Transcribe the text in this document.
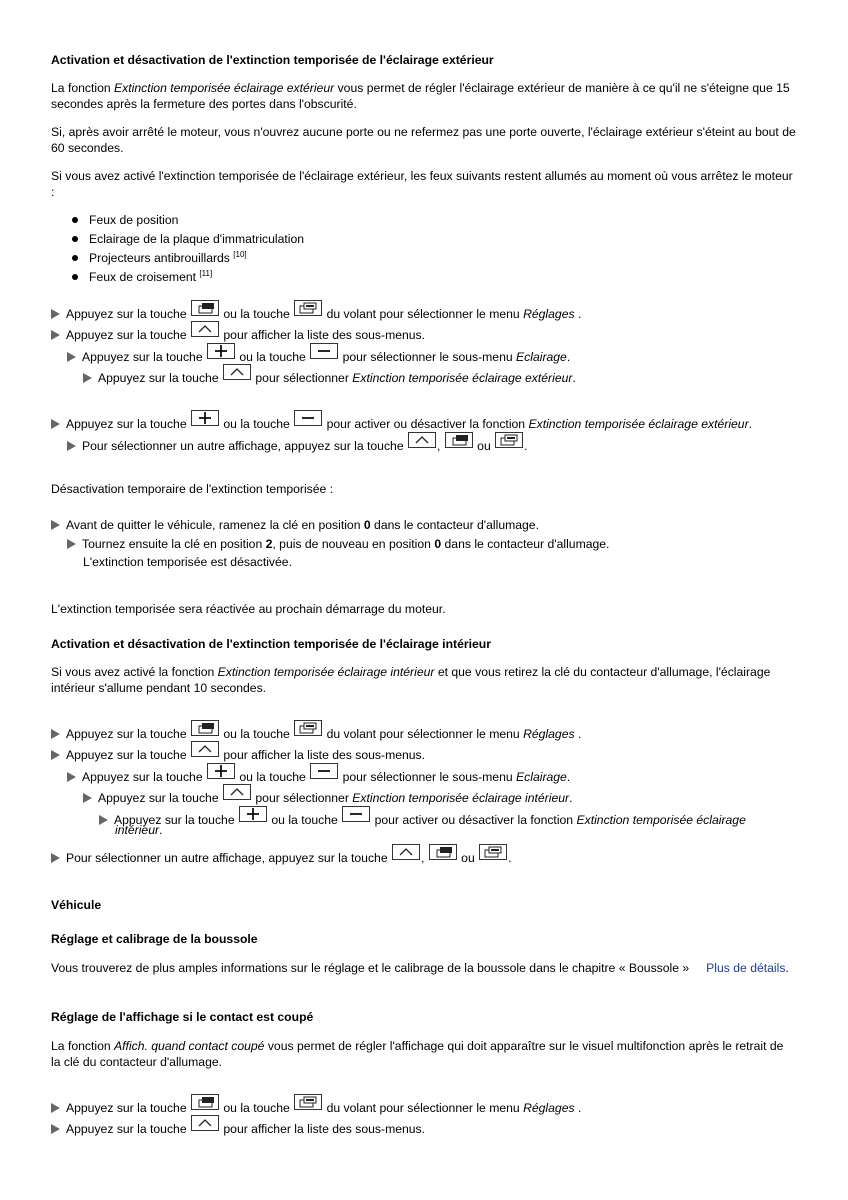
Activation et désactivation de l'extinction temporisée de l'éclairage extérieur
La fonction Extinction temporisée éclairage extérieur vous permet de régler l'éclairage extérieur de manière à ce qu'il ne s'éteigne que 15 secondes après la fermeture des portes dans l'obscurité.
Si, après avoir arrêté le moteur, vous n'ouvrez aucune porte ou ne refermez pas une porte ouverte, l'éclairage extérieur s'éteint au bout de 60 secondes.
Si vous avez activé l'extinction temporisée de l'éclairage extérieur, les feux suivants restent allumés au moment où vous arrêtez le moteur :
Feux de position
Eclairage de la plaque d'immatriculation
Projecteurs antibrouillards [10]
Feux de croisement [11]
Appuyez sur la touche	ou la touche	du volant pour sélectionner le menu Réglages .
Appuyez sur la touche	pour afficher la liste des sous-menus.
Appuyez sur la touche	ou la touche	pour sélectionner le sous-menu Eclairage.
Appuyez sur la touche	pour sélectionner Extinction temporisée éclairage extérieur.
Appuyez sur la touche	ou la touche	pour activer ou désactiver la fonction Extinction temporisée éclairage extérieur.
Pour sélectionner un autre affichage, appuyez sur la touche	,	ou	.
Désactivation temporaire de l'extinction temporisée :
Avant de quitter le véhicule, ramenez la clé en position 0 dans le contacteur d'allumage.
Tournez ensuite la clé en position 2, puis de nouveau en position 0 dans le contacteur d'allumage.
L'extinction temporisée est désactivée.
L'extinction temporisée sera réactivée au prochain démarrage du moteur.
Activation et désactivation de l'extinction temporisée de l'éclairage intérieur
Si vous avez activé la fonction Extinction temporisée éclairage intérieur et que vous retirez la clé du contacteur d'allumage, l'éclairage intérieur s'allume pendant 10 secondes.
Appuyez sur la touche	ou la touche	du volant pour sélectionner le menu Réglages .
Appuyez sur la touche	pour afficher la liste des sous-menus.
Appuyez sur la touche	ou la touche	pour sélectionner le sous-menu Eclairage.
Appuyez sur la touche	pour sélectionner Extinction temporisée éclairage intérieur.
Appuyez sur la touche	ou la touche	pour activer ou désactiver la fonction Extinction temporisée éclairage
intérieur.
Pour sélectionner un autre affichage, appuyez sur la touche	,	ou	.
Véhicule
Réglage et calibrage de la boussole
Vous trouverez de plus amples informations sur le réglage et le calibrage de la boussole dans le chapitre « Boussole » Plus de détails.
Réglage de l'affichage si le contact est coupé
La fonction Affich. quand contact coupé vous permet de régler l'affichage qui doit apparaître sur le visuel multifonction après le retrait de la clé du contacteur d'allumage.
Appuyez sur la touche	ou la touche	du volant pour sélectionner le menu Réglages .
Appuyez sur la touche	pour afficher la liste des sous-menus.
